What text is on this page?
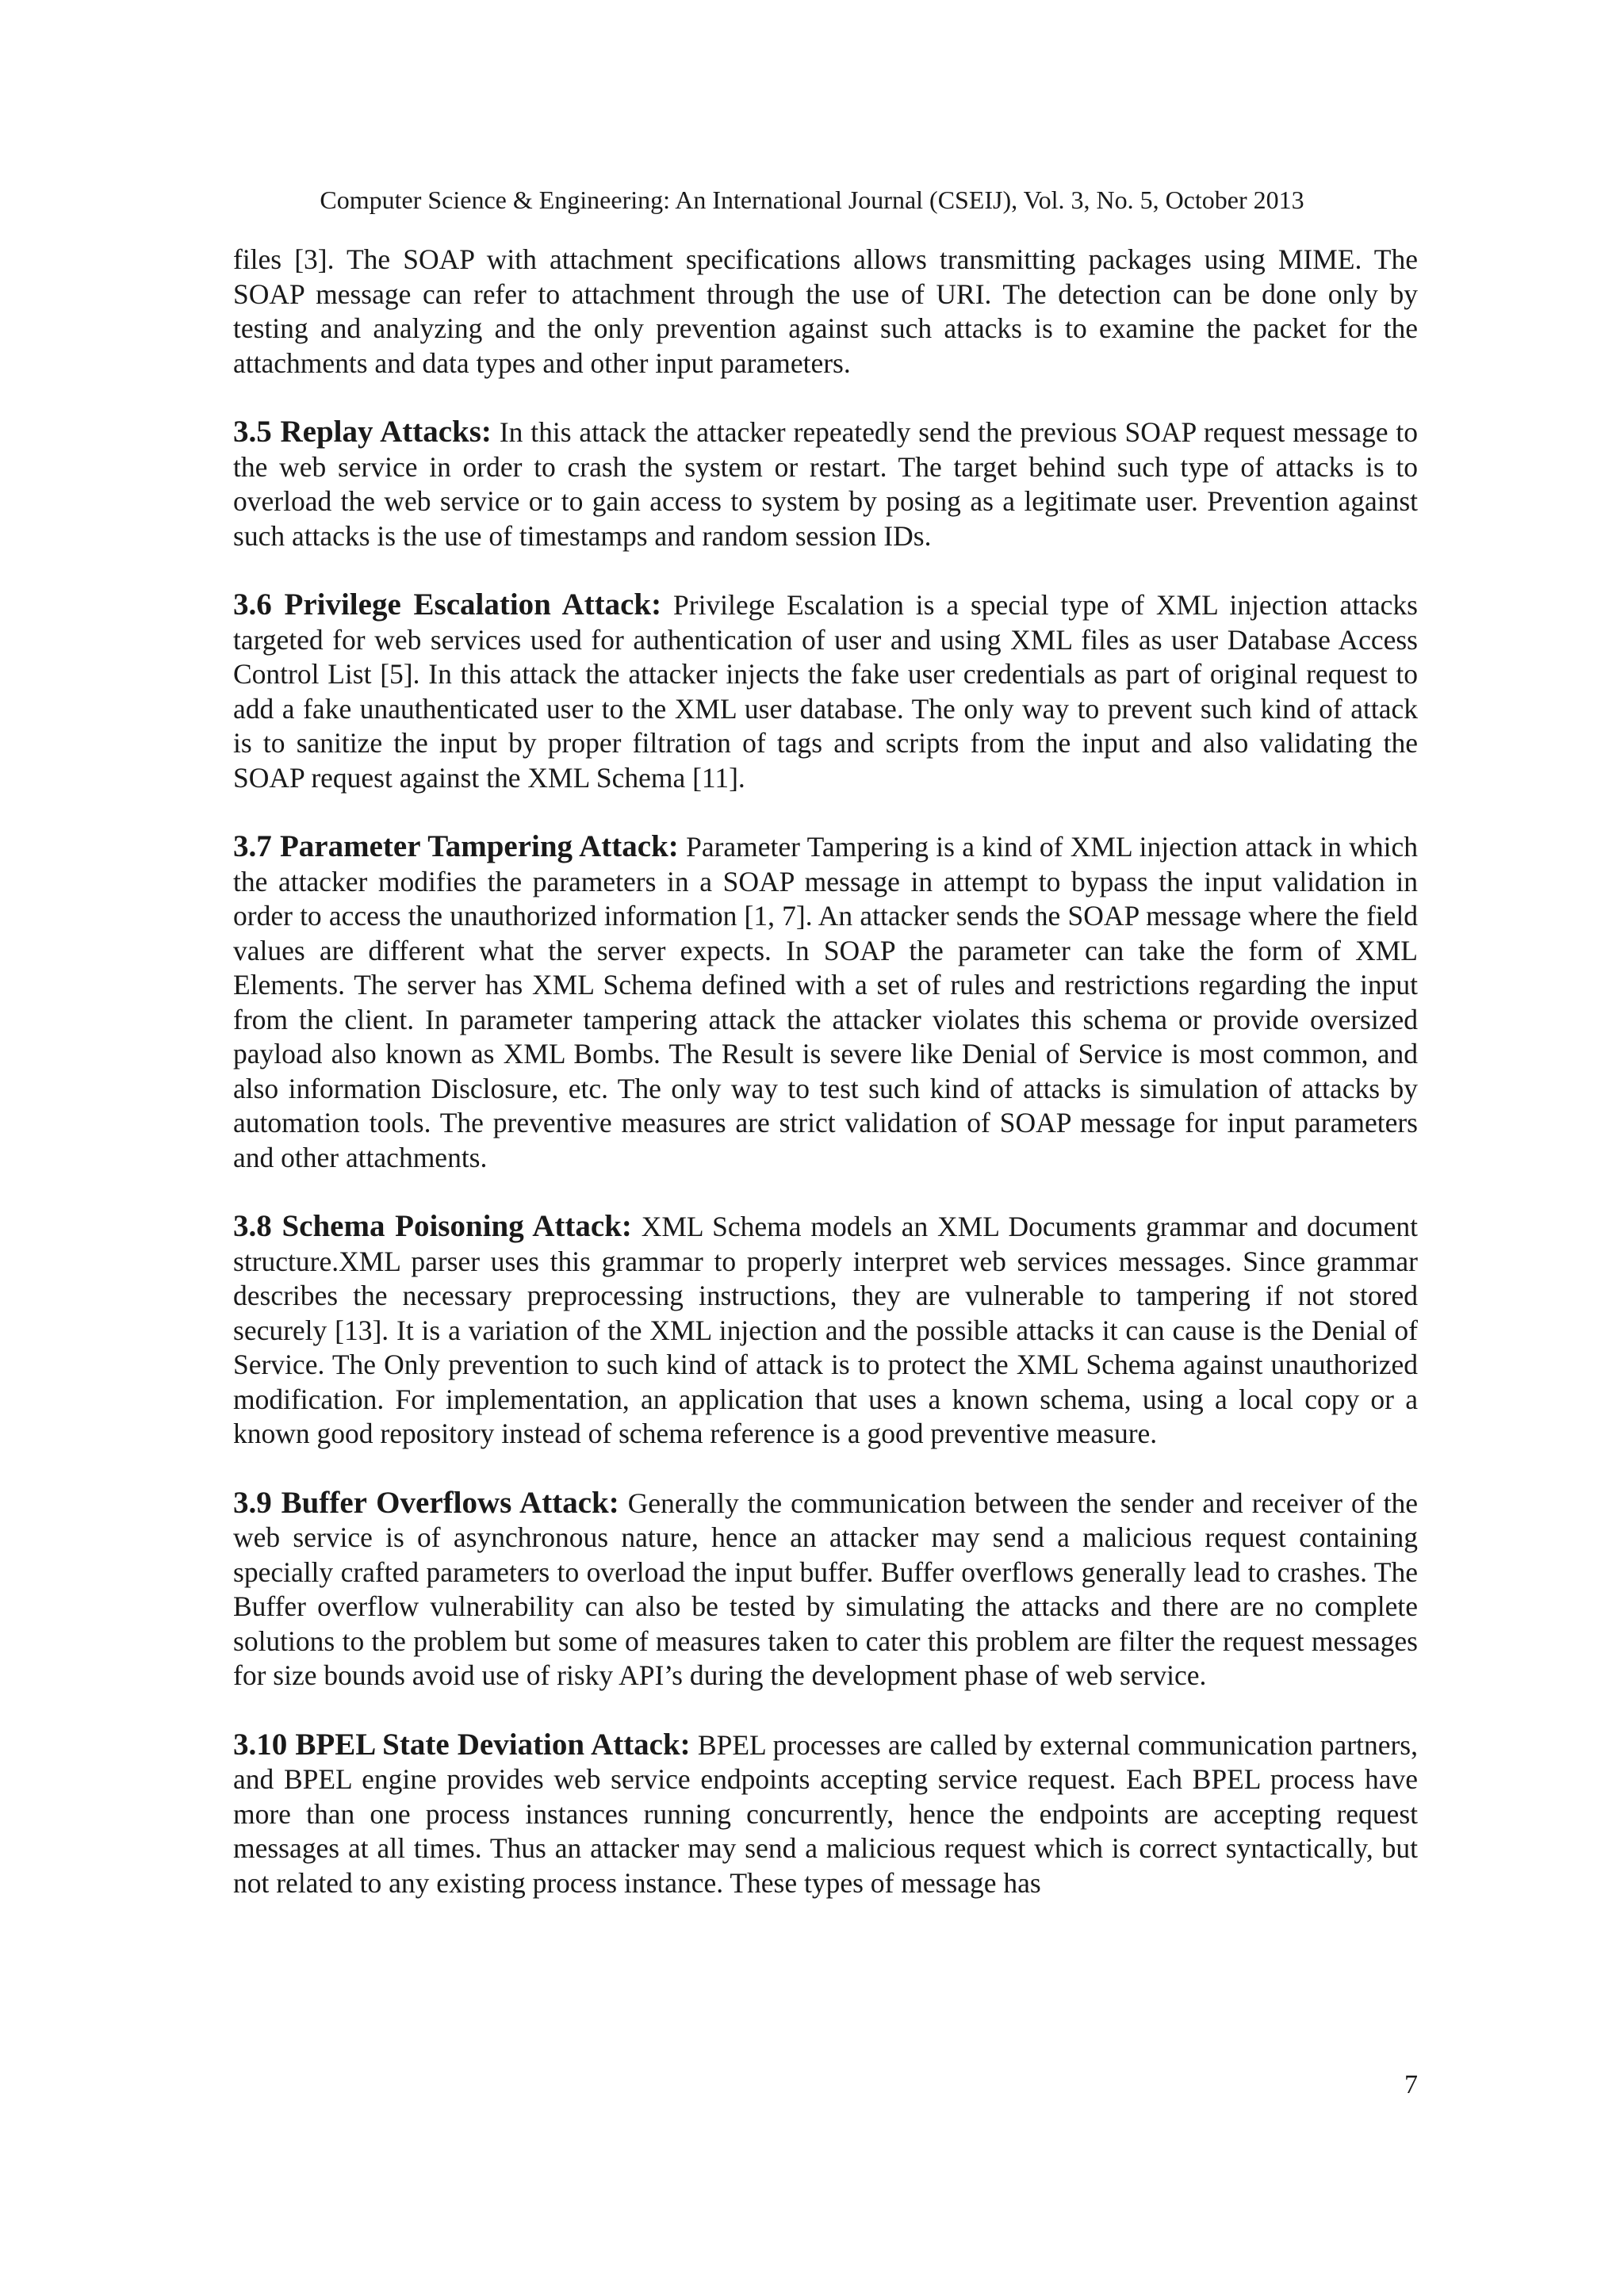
Computer Science & Engineering: An International Journal (CSEIJ), Vol. 3, No. 5, October 2013

files [3]. The SOAP with attachment specifications allows transmitting packages using MIME. The SOAP message can refer to attachment through the use of URI. The detection can be done only by testing and analyzing and the only prevention against such attacks is to examine the packet for the attachments and data types and other input parameters.

3.5 Replay Attacks: In this attack the attacker repeatedly send the previous SOAP request message to the web service in order to crash the system or restart. The target behind such type of attacks is to overload the web service or to gain access to system by posing as a legitimate user. Prevention against such attacks is the use of timestamps and random session IDs.

3.6 Privilege Escalation Attack: Privilege Escalation is a special type of XML injection attacks targeted for web services used for authentication of user and using XML files as user Database Access Control List [5]. In this attack the attacker injects the fake user credentials as part of original request to add a fake unauthenticated user to the XML user database. The only way to prevent such kind of attack is to sanitize the input by proper filtration of tags and scripts from the input and also validating the SOAP request against the XML Schema [11].

3.7 Parameter Tampering Attack: Parameter Tampering is a kind of XML injection attack in which the attacker modifies the parameters in a SOAP message in attempt to bypass the input validation in order to access the unauthorized information [1, 7]. An attacker sends the SOAP message where the field values are different what the server expects. In SOAP the parameter can take the form of XML Elements. The server has XML Schema defined with a set of rules and restrictions regarding the input from the client. In parameter tampering attack the attacker violates this schema or provide oversized payload also known as XML Bombs. The Result is severe like Denial of Service is most common, and also information Disclosure, etc. The only way to test such kind of attacks is simulation of attacks by automation tools. The preventive measures are strict validation of SOAP message for input parameters and other attachments.

3.8 Schema Poisoning Attack: XML Schema models an XML Documents grammar and document structure.XML parser uses this grammar to properly interpret web services messages. Since grammar describes the necessary preprocessing instructions, they are vulnerable to tampering if not stored securely [13]. It is a variation of the XML injection and the possible attacks it can cause is the Denial of Service. The Only prevention to such kind of attack is to protect the XML Schema against unauthorized modification. For implementation, an application that uses a known schema, using a local copy or a known good repository instead of schema reference is a good preventive measure.

3.9 Buffer Overflows Attack: Generally the communication between the sender and receiver of the web service is of asynchronous nature, hence an attacker may send a malicious request containing specially crafted parameters to overload the input buffer. Buffer overflows generally lead to crashes. The Buffer overflow vulnerability can also be tested by simulating the attacks and there are no complete solutions to the problem but some of measures taken to cater this problem are filter the request messages for size bounds avoid use of risky API’s during the development phase of web service.

3.10 BPEL State Deviation Attack: BPEL processes are called by external communication partners, and BPEL engine provides web service endpoints accepting service request. Each BPEL process have more than one process instances running concurrently, hence the endpoints are accepting request messages at all times. Thus an attacker may send a malicious request which is correct syntactically, but not related to any existing process instance. These types of message has

7
